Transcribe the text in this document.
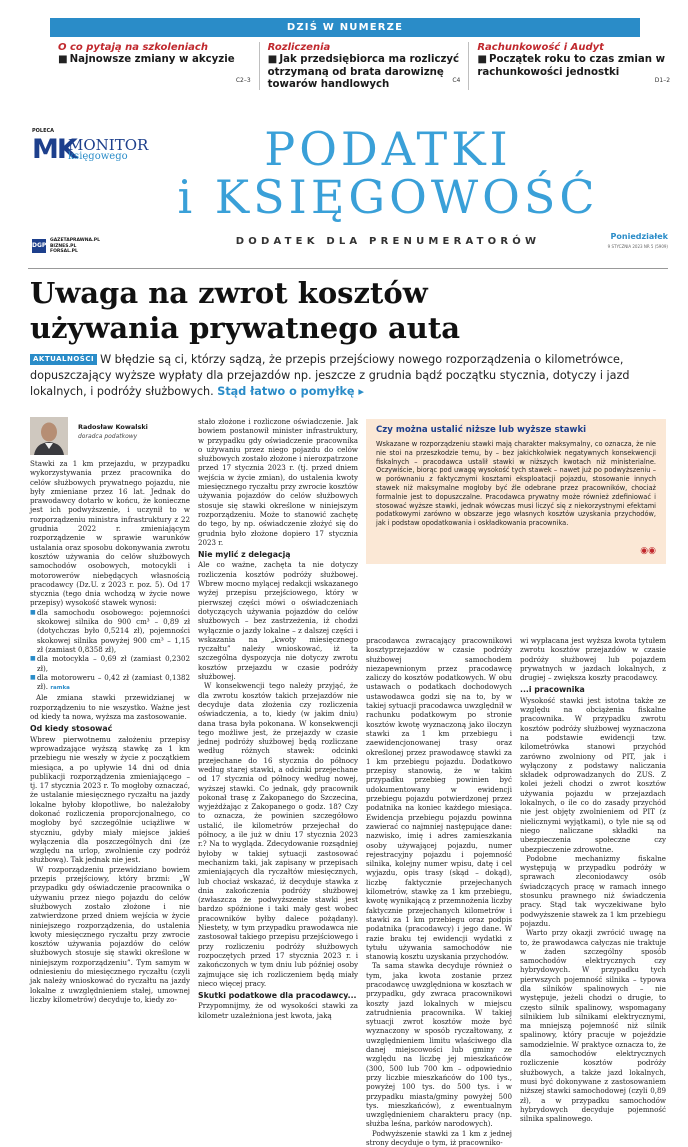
DZIŚ W NUMERZE
O co pytają na szkoleniach
■ Najnowsze zmiany w akcyzie
C2–3
Rozliczenia
■ Jak przedsiębiorca ma rozliczyć otrzymaną od brata darowiznę towarów handlowych	C4
Rachunkowość i Audyt
■ Początek roku to czas zmian w rachunkowości jednostki
D1–2
POLECA
MK
MONITOR
księgowego	PODATKI
i KSIĘGOWOŚĆ
DGP
GAZETAPRAWNA.PL
BIZNES.PL
FORSAL.PL
DODATEK DLA PRENUMERATORÓW	Poniedziałek
9 STYCZNIA 2023 NR 5 (5909)
Uwaga na zwrot kosztów
używania prywatnego auta
AKTUALNOŚCI W błędzie są ci, którzy sądzą, że przepis przejściowy nowego rozporządzenia o kilometrówce, dopuszczający wyższe wypłaty dla przejazdów np. jeszcze z grudnia bądź początku stycznia, dotyczy i jazd lokalnych, i podróży służbowych. Stąd łatwo o pomyłkę ▸
Radosław Kowalski
doradca podatkowy

Stawki za 1 km przejazdu, w przypadku wykorzystywania przez pracownika do celów służbowych prywatnego pojazdu, nie były zmieniane przez 16 lat. Jednak do prawodawcy dotarło w końcu, że konieczne jest ich podwyższenie, i uczynił to w rozporządzeniu ministra infrastruktury z 22 grudnia 2022 r. zmieniającym rozporządzenie w sprawie warunków ustalania oraz sposobu dokonywania zwrotu kosztów używania do celów służbowych samochodów osobowych, motocykli i motorowerów niebędących własnością pracodawcy (Dz.U. z 2023 r. poz. 5). Od 17 stycznia (tego dnia wchodzą w życie nowe przepisy) wysokość stawek wynosi:

■ dla samochodu osobowego: pojemności skokowej silnika do 900 cm³ – 0,89 zł (dotychczas było 0,5214 zł), pojemności skokowej silnika powyżej 900 cm³ – 1,15 zł (zamiast 0,8358 zł),
■ dla motocykla – 0,69 zł (zamiast 0,2302 zł),
■ dla motoroweru – 0,42 zł (zamiast 0,1382 zł). ramka

Ale zmiana stawki przewidzianej w rozporządzeniu to nie wszystko. Ważne jest od kiedy ta nowa, wyższa ma zastosowanie.

Od kiedy stosować

Wbrew pierwotnemu założeniu przepisy wprowadzające wyższą stawkę za 1 km przebiegu nie weszły w życie z początkiem miesiąca, a po upływie 14 dni od dnia publikacji rozporządzenia zmieniającego – tj. 17 stycznia 2023 r. To mogłoby oznaczać, że ustalanie miesięcznego ryczałtu na jazdy lokalne byłoby kłopotliwe, bo należałoby dokonać rozliczenia proporcjonalnego, co mogłoby być szczególnie uciążliwe w styczniu, gdyby miały miejsce jakieś wyłączenia dla poszczególnych dni (ze względu na urlop, zwolnienie czy podróż służbową). Tak jednak nie jest.

W rozporządzeniu przewidziano bowiem przepis przejściowy, który brzmi: „W przypadku gdy oświadczenie pracownika o używaniu przez niego pojazdu do celów służbowych zostało złożone i nie zatwierdzone przed dniem wejścia w życie niniejszego rozporządzenia, do ustalenia kwoty miesięcznego ryczałtu przy zwrocie kosztów używania pojazdów do celów służbowych stosuje się stawki określone w niniejszym rozporządzeniu”. Tym samym w odniesieniu do miesięcznego ryczałtu (czyli jak należy wnioskować do ryczałtu na jazdy lokalne z uwzględnieniem stałej, umownej liczby kilometrów) decyduje to, kiedy zo-

stało złożone i rozliczone oświadczenie. Jak bowiem postanowił minister infrastruktury, w przypadku gdy oświadczenie pracownika o używaniu przez niego pojazdu do celów służbowych zostało złożone i nierozpatrzone przed 17 stycznia 2023 r. (tj. przed dniem wejścia w życie zmian), do ustalenia kwoty miesięcznego ryczałtu przy zwrocie kosztów używania pojazdów do celów służbowych stosuje się stawki określone w niniejszym rozporządzeniu. Może to stanowić zachętę do tego, by np. oświadczenie złożyć się do grudnia było złożone dopiero 17 stycznia 2023 r.

Nie mylić z delegacją

Ale co ważne, zachęta ta nie dotyczy rozliczenia kosztów podróży służbowej. Wbrew mocno mylącej redakcji wskazanego wyżej przepisu przejściowego, który w pierwszej części mówi o oświadczeniach dotyczących używania pojazdów do celów służbowych – bez zastrzeżenia, iż chodzi wyłącznie o jazdy lokalne – z dalszej części i wskazania na „kwoty miesięcznego ryczałtu” należy wnioskować, iż ta szczególna dyspozycja nie dotyczy zwrotu kosztów przejazdu w czasie podróży służbowej.

W konsekwencji tego należy przyjąć, że dla zwrotu kosztów takich przejazdów nie decyduje data złożenia czy rozliczenia oświadczenia, a to, kiedy (w jakim dniu) dana trasa była pokonana. W konsekwencji tego możliwe jest, że przejazdy w czasie jednej podróży służbowej będą rozliczane według różnych stawek: odcinki przejechane do 16 stycznia do północy według starej stawki, a odcinki przejechane od 17 stycznia od północy według nowej, wyższej stawki. Co jednak, gdy pracownik pokonał trasę z Zakopanego do Szczecina, wyjeżdżając z Zakopanego o godz. 18? Czy to oznacza, że powinien szczegółowo ustalić, ile kilometrów przejechał do północy, a ile już w dniu 17 stycznia 2023 r.? Na to wygląda. Zdecydowanie rozsądniej byłoby w takiej sytuacji zastosować mechanizm taki, jak zapisany w przepisach zmieniających dla ryczałtów miesięcznych, lub chociaż wskazać, iż decyduje stawka z dnia zakończenia podróży służbowej (zwłaszcza że podwyższenie stawki jest bardzo spóźnione i taki mały gest wobec pracowników byłby dalece pożądany). Niestety, w tym przypadku prawodawca nie zastosował takiego przepisu przejściowego i przy rozliczeniu podróży służbowych rozpoczętych przed 17 stycznia 2023 r. i zakończonych w tym dniu lub później osoby zajmujące się ich rozliczeniem będą miały nieco więcej pracy.

Skutki podatkowe dla pracodawcy...

Przypomnijmy, że od wysokości stawki za kilometr uzależniona jest kwota, jaką

Czy można ustalić niższe lub wyższe stawki
Wskazane w rozporządzeniu stawki mają charakter maksymalny, co oznacza, że nie nie stoi na przeszkodzie temu, by – bez jakichkolwiek negatywnych konsekwencji fiskalnych – pracodawca ustalił stawki w niższych kwotach niż ministerialne. Oczywiście, biorąc pod uwagę wysokość tych stawek – nawet już po podwyższeniu – w porównaniu z faktycznymi kosztami eksploatacji pojazdu, stosowanie innych stawek niż maksymalne mogłoby być źle odebrane przez pracowników, chociaż formalnie jest to dopuszczalne. Pracodawca prywatny może również zdefiniować i stosować wyższe stawki, jednak wówczas musi liczyć się z niekorzystnymi efektami podatkowymi zarówno w obszarze jego własnych kosztów uzyskania przychodów, jak i podstaw opodatkowania i oskładkowania pracownika.
◉◉

pracodawca zwracający pracownikowi kosztyprzejazdów w czasie podróży służbowej samochodem niezapewnionym przez pracodawcę zaliczy do kosztów podatkowych. W obu ustawach o podatkach dochodowych ustawodawca godzi się na to, by w takiej sytuacji pracodawca uwzględnił w rachunku podatkowym po stronie kosztów kwotę wyznaczoną jako iloczyn stawki za 1 km przebiegu i zaewidencjonowanej trasy oraz określonej przez prawodawcę stawki za 1 km przebiegu pojazdu. Dodatkowo przepisy stanowią, że w takim przypadku przebieg powinien być udokumentowany w ewidencji przebiegu pojazdu potwierdzonej przez podatnika na koniec każdego miesiąca. Ewidencja przebiegu pojazdu powinna zawierać co najmniej następujące dane: nazwisko, imię i adres zamieszkania osoby używającej pojazdu, numer rejestracyjny pojazdu i pojemność silnika, kolejny numer wpisu, datę i cel wyjazdu, opis trasy (skąd – dokąd), liczbę faktycznie przejechanych kilometrów, stawkę za 1 km przebiegu, kwotę wynikającą z przemnożenia liczby faktycznie przejechanych kilometrów i stawki za 1 km przebiegu oraz podpis podatnika (pracodawcy) i jego dane. W razie braku tej ewidencji wydatki z tytułu używania samochodów nie stanowią kosztu uzyskania przychodów.

Ta sama stawka decyduje również o tym, jaka kwota zostanie przez pracodawcę uwzględniona w kosztach w przypadku, gdy zwraca pracownikowi koszty jazd lokalnych w miejscu zatrudnienia pracownika. W takiej sytuacji zwrot kosztów może być wyznaczony w sposób ryczałtowany, z uwzględnieniem limitu wlaściwego dla danej miejscowości lub gminy ze względu na liczbę jej mieszkańców (300, 500 lub 700 km – odpowiednio przy liczbie mieszkańców do 100 tys., powyżej 100 tys. do 500 tys. i w przypadku miasta/gminy powyżej 500 tys. mieszkańców), z ewentualnym uwzględnieniem charakteru pracy (np. służba leśna, parków narodowych).

Podwyższenie stawki za 1 km z jednej strony decyduje o tym, iż pracowniko-

wi wypłacana jest wyższa kwota tytułem zwrotu kosztów przejazdów w czasie podróży służbowej lub pojazdem prywatnych w jazdach lokalnych, z drugiej – zwiększa koszty pracodawcy.

...i pracownika

Wysokość stawki jest istotna także ze względu na obciążenia fiskalne pracownika. W przypadku zwrotu kosztów podróży służbowej wyznaczona na podstawie ewidencji tzw. kilometrówka stanowi przychód zarówno zwolniony od PIT, jak i wyłączony z podstawy naliczania składek odprowadzanych do ZUS. Z kolei jeżeli chodzi o zwrot kosztów używania pojazdu w przejazdach lokalnych, o ile co do zasady przychód nie jest objęty zwolnieniem od PIT (z nielicznymi wyjątkami), o tyle nie są od niego naliczane składki na ubezpieczenia społeczne czy ubezpieczenie zdrowotne.

Podobne mechanizmy fiskalne występują w przypadku podróży w sprawach zleconiodawcy osób świadczących pracę w ramach innego stosunku prawnego niż świadczenia pracy. Stąd tak wyczekiwane było podwyższenie stawek za 1 km przebiegu pojazdu.

Warto przy okazji zwrócić uwagę na to, że prawodawca całyczas nie traktuje w żaden szczególny sposób samochodów elektrycznych czy hybrydowych. W przypadku tych pierwszych pojemność silnika – typowa dla silników spalinowych – nie występuje, jeżeli chodzi o drugie, to często silnik spalinowy, wspomagany silnikiem lub silnikami elektrycznymi, ma mniejszą pojemność niż silnik spalinowy, który pracuje w pojeździe samodzielnie. W praktyce oznacza to, że dla samochodów elektrycznych rozliczenie kosztów podróży służbowych, a także jazd lokalnych, musi być dokonywane z zastosowaniem niższej stawki samochodowej (czyli 0,89 zł), a w przypadku samochodów hybrydowych decyduje pojemność silnika spalinowego.
